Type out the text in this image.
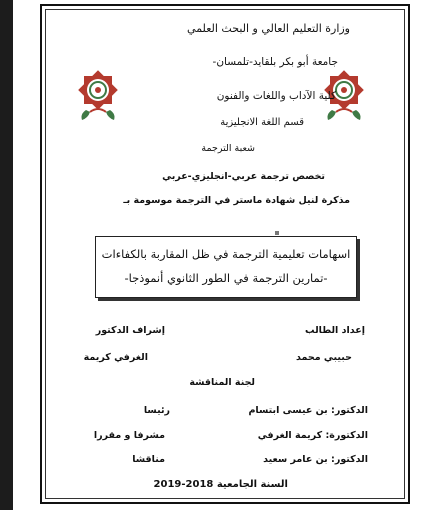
وزارة التعليم العالي و البحث العلمي
جامعة أبو بكر بلقايد-تلمسان-
كلية الآداب واللغات والفنون
قسم اللغة الانجليزية
شعبة الترجمة
تخصص ترجمة عربي-انجليزي-عربي
مذكرة لنيل شهادة ماستر في الترجمة موسومة بـ
اسهامات تعليمية الترجمة في ظل المقاربة بالكفاءات
-تمارين الترجمة في الطور الثانوي أنموذجا-
إعداد الطالب
إشراف الدكتور
حبيبي محمد
الغرفي كريمة
لجنة المناقشة
الدكتور: بن عيسى ابتسام
رئيسا
الدكتورة: كريمة الغرفي
مشرفا و مقررا
الدكتور: بن عامر سعيد
مناقشا
السنة الجامعية 2018-2019
